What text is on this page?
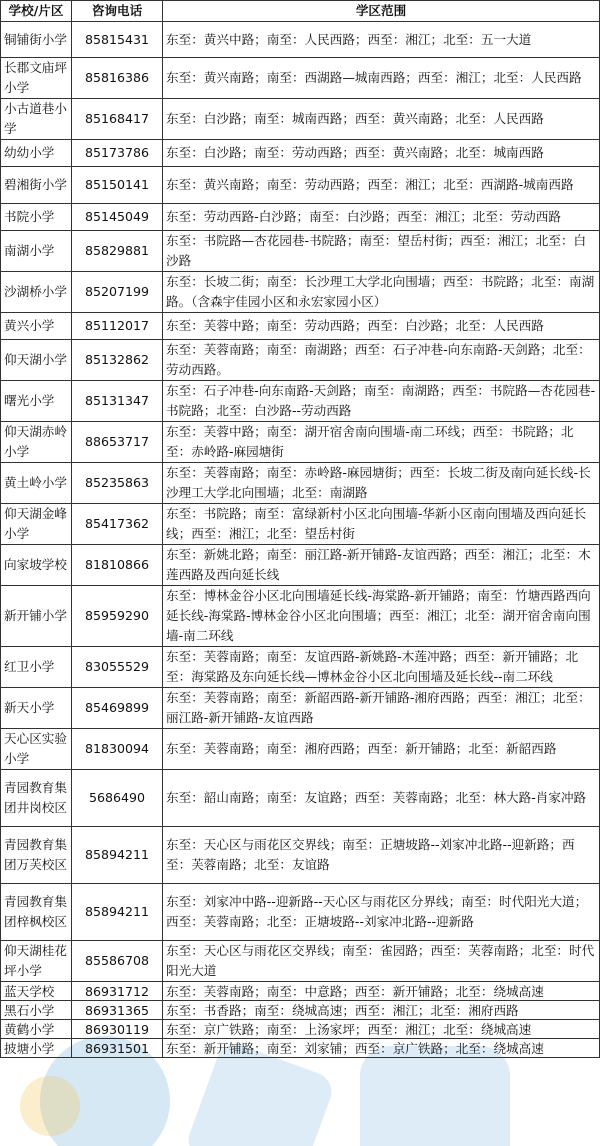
学校/片区	咨询电话	学区范围
铜铺街小学	85815431	东至：黄兴中路；南至：人民西路；西至：湘江；北至：五一大道
长郡文庙坪小学	85816386	东至：黄兴南路；南至：西湖路—城南西路；西至：湘江；北至：人民西路
小古道巷小学	85168417	东至：白沙路；南至：城南西路；西至：黄兴南路；北至：人民西路
幼幼小学	85173786	东至：白沙路；南至：劳动西路；西至：黄兴南路；北至：城南西路
碧湘街小学	85150141	东至：黄兴南路；南至：劳动西路；西至：湘江；北至：西湖路-城南西路
书院小学	85145049	东至：劳动西路-白沙路；南至：白沙路；西至：湘江；北至：劳动西路
南湖小学	85829881	东至：书院路—杏花园巷-书院路；南至：望岳村街；西至：湘江；北至：白沙路
沙湖桥小学	85207199	东至：长坡二街；南至：长沙理工大学北向围墙；西至：书院路；北至：南湖路。（含森宇佳园小区和永宏家园小区）
黄兴小学	85112017	东至：芙蓉中路；南至：劳动西路；西至：白沙路；北至：人民西路
仰天湖小学	85132862	东至：芙蓉南路；南至：南湖路；西至：石子冲巷-向东南路-天剑路；北至：劳动西路。
曙光小学	85131347	东至：石子冲巷-向东南路-天剑路；南至：南湖路；西至：书院路—杏花园巷-书院路；北至：白沙路--劳动西路
仰天湖赤岭小学	88653717	东至：芙蓉中路；南至：湖开宿舍南向围墙-南二环线；西至：书院路；北至：赤岭路-麻园塘街
黄土岭小学	85235863	东至：芙蓉南路；南至：赤岭路-麻园塘街；西至：长坡二街及南向延长线-长沙理工大学北向围墙；北至：南湖路
仰天湖金峰小学	85417362	东至：书院路；南至：富绿新村小区北向围墙-华新小区南向围墙及西向延长线；西至：湘江；北至：望岳村街
向家坡学校	81810866	东至：新姚北路；南至：丽江路-新开铺路-友谊西路；西至：湘江；北至：木莲西路及西向延长线
新开铺小学	85959290	东至：博林金谷小区北向围墙延长线-海棠路-新开铺路；南至：竹塘西路西向延长线-海棠路-博林金谷小区北向围墙；西至：湘江；北至：湖开宿舍南向围墙-南二环线
红卫小学	83055529	东至：芙蓉南路；南至：友谊西路-新姚路-木莲冲路；西至：新开铺路；北至：海棠路及东向延长线—博林金谷小区北向围墙及延长线--南二环线
新天小学	85469899	东至：芙蓉南路；南至：新韶西路-新开铺路-湘府西路；西至：湘江；北至：丽江路-新开铺路-友谊西路
天心区实验小学	81830094	东至：芙蓉南路；南至：湘府西路；西至：新开铺路；北至：新韶西路
青园教育集团井岗校区	5686490	东至：韶山南路；南至：友谊路；西至：芙蓉南路；北至：林大路-肖家冲路
青园教育集团万芙校区	85894211	东至：天心区与雨花区交界线；南至：正塘坡路--刘家冲北路--迎新路；西至：芙蓉南路；北至：友谊路
青园教育集团梓枫校区	85894211	东至：刘家冲中路--迎新路--天心区与雨花区分界线；南至：时代阳光大道；西至：芙蓉南路；北至：正塘坡路--刘家冲北路--迎新路
仰天湖桂花坪小学	85586708	东至：天心区与雨花区交界线；南至：雀园路；西至：芙蓉南路；北至：时代阳光大道
蓝天学校	86931712	东至：芙蓉南路；南至：中意路；西至：新开铺路；北至：绕城高速
黑石小学	86931365	东至：书香路；南至：绕城高速；西至：湘江；北至：湘府西路
黄鹤小学	86930119	东至：京广铁路；南至：上汤家坪；西至：湘江；北至：绕城高速
披塘小学	86931501	东至：新开铺路；南至：刘家铺；西至：京广铁路；北至：绕城高速
